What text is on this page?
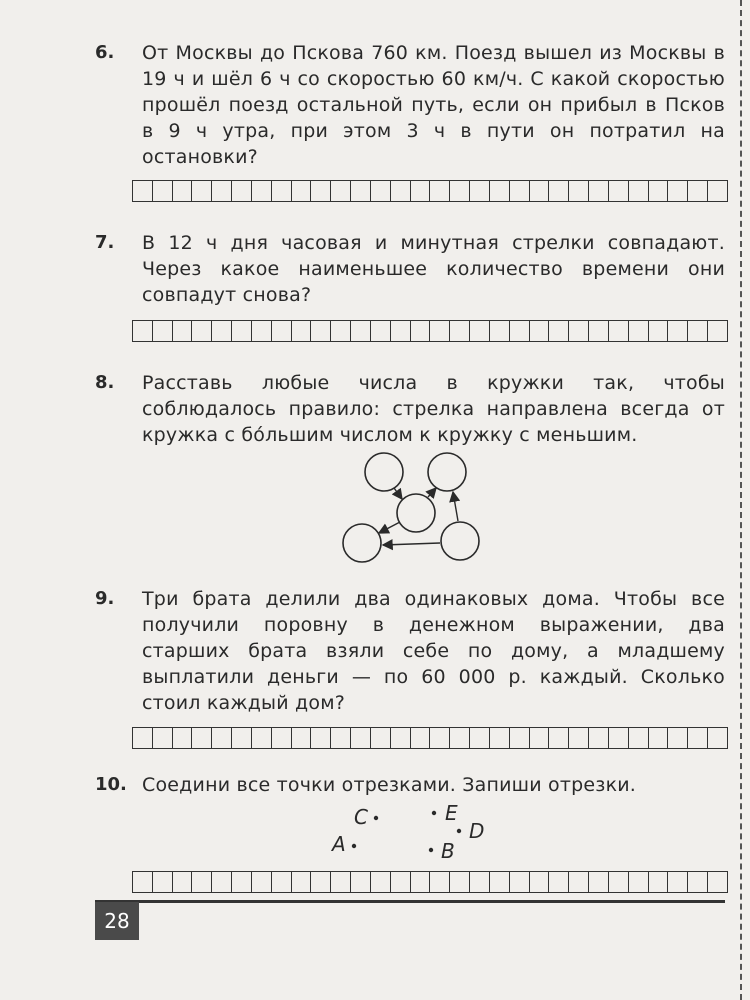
6.	От Москвы до Пскова 760 км. Поезд вышел из Москвы в 19 ч и шёл 6 ч со скоростью 60 км/ч. С какой скоростью прошёл поезд остальной путь, если он прибыл в Псков в 9 ч утра, при этом 3 ч в пути он потратил на остановки?
7.	В 12 ч дня часовая и минутная стрелки совпадают. Через какое наименьшее количество времени они совпадут снова?
8.	Расставь любые числа в кружки так, чтобы соблюдалось правило: стрелка направлена всегда от кружка с бо́льшим числом к кружку с меньшим.
C	E
D
A	B
9.	Три брата делили два одинаковых дома. Чтобы все получили поровну в денежном выражении, два старших брата взяли себе по дому, а младшему выплатили деньги — по 60 000 р. каждый. Сколько стоил каждый дом?
10. Соедини все точки отрезками. Запиши отрезки.
28
